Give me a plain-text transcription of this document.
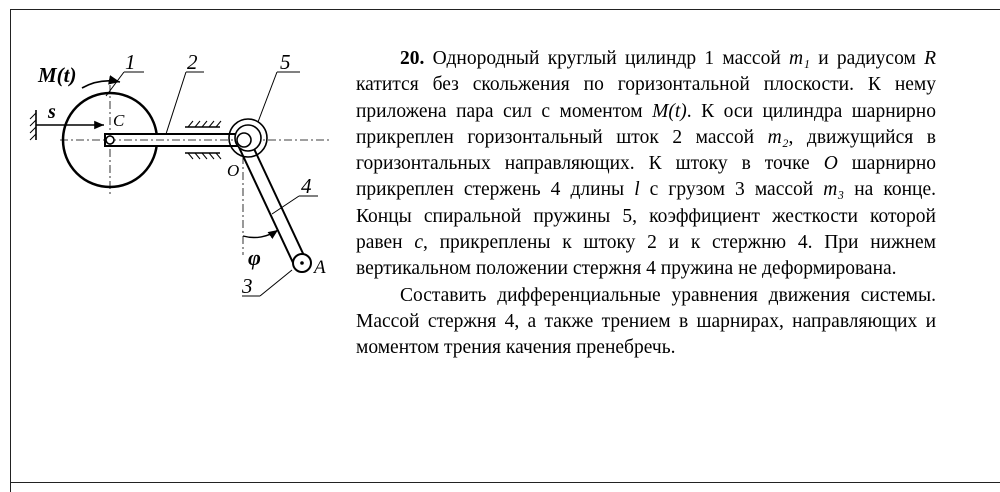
M(t)
s	C
O
A
φ
1 2	5
4
3

20. Однородный круглый цилиндр 1 массой m₁ и радиусом R катится без скольжения по горизонтальной плоскости. К нему приложена пара сил с моментом M(t). К оси цилиндра шарнирно прикреплен горизонтальный шток 2 массой m₂, движущийся в горизонтальных направляющих. К штоку в точке O шарнирно прикреплен стержень 4 длины l с грузом 3 массой m₃ на конце. Концы спиральной пружины 5, коэффициент жесткости которой равен c, прикреплены к штоку 2 и к стержню 4. При нижнем вертикальном положении стержня 4 пружина не деформирована.

Составить дифференциальные уравнения движения системы. Массой стержня 4, а также трением в шарнирах, направляющих и моментом трения качения пренебречь.
